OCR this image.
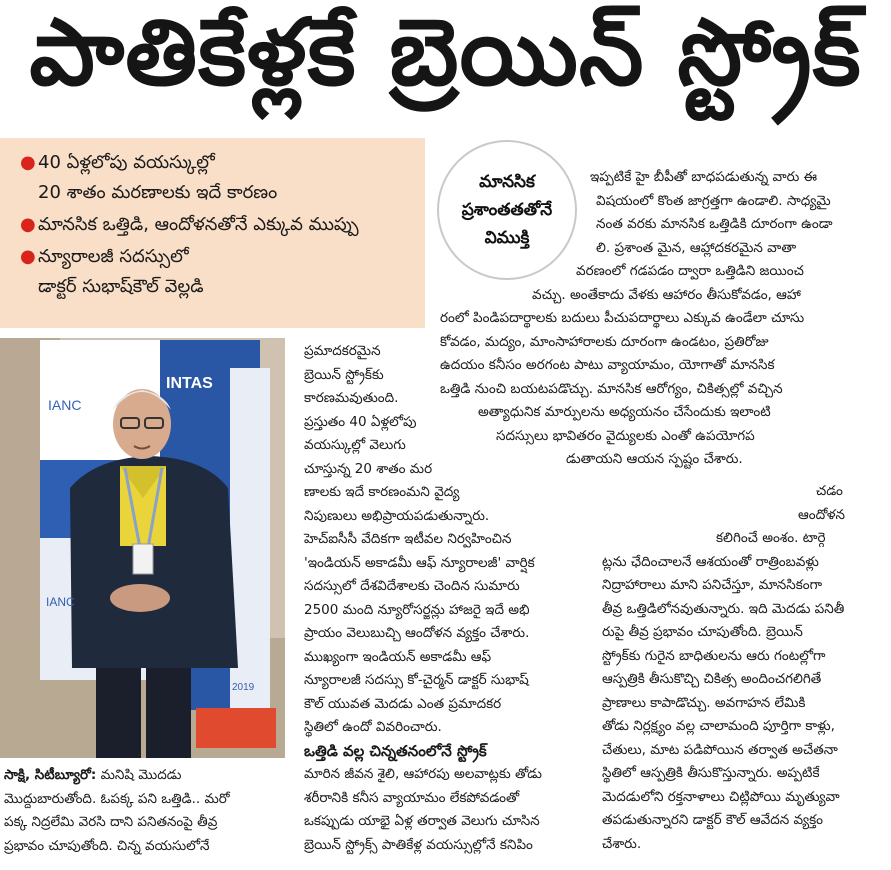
పాతికేళ్లకే బ్రెయిన్ స్ట్రోక్
● 40 ఏళ్లలోపు వయస్కుల్లో
20 శాతం మరణాలకు ఇదే కారణం
● మానసిక ఒత్తిడి, ఆందోళనతోనే ఎక్కువ ముప్పు
● న్యూరాలజీ సదస్సులో
డాక్టర్ సుభాష్‌కౌల్ వెల్లడి
మానసిక
ప్రశాంతతతోనే
విముక్తి
ఇప్పటికే హై బీపీతో బాధపడుతున్న వారు ఈ
విషయంలో కొంత జాగ్రత్తగా ఉండాలి. సాధ్యమై
నంత వరకు మానసిక ఒత్తిడికి దూరంగా ఉండా
లి. ప్రశాంత మైన, ఆహ్లాదకరమైన వాతా
వరణంలో గడపడం ద్వారా ఒత్తిడిని జయించ
వచ్చు. అంతేకాదు వేళకు ఆహారం తీసుకోవడం, ఆహా
రంలో పిండిపదార్థాలకు బదులు పీచుపదార్థాలు ఎక్కువ ఉండేలా చూసు
కోవడం, మద్యం, మాంసాహారాలకు దూరంగా ఉండటం, ప్రతిరోజు
ఉదయం కనీసం అరగంట పాటు వ్యాయామం, యోగాతో మానసిక
ఒత్తిడి నుంచి బయటపడొచ్చు. మానసిక ఆరోగ్యం, చికిత్సల్లో వచ్చిన
అత్యాధునిక మార్పులను అధ్యయనం చేసేందుకు ఇలాంటి
సదస్సులు భావితరం వైద్యులకు ఎంతో ఉపయోగప
డుతాయని ఆయన స్పష్టం చేశారు.
IANC
INTAS
IANC
2019
సాక్షి, సిటీబ్యూరో: మనిషి మొదడు
మొద్దుబారుతోంది. ఓపక్క పని ఒత్తిడి.. మరో
పక్క నిద్రలేమి వెరసి దాని పనితనంపై తీవ్ర
ప్రభావం చూపుతోంది. చిన్న వయసులోనే
ప్రమాదకరమైన
బ్రెయిన్ స్ట్రోక్‌కు
కారణమవుతుంది.
ప్రస్తుతం 40 ఏళ్లలోపు
వయస్కుల్లో వెలుగు
చూస్తున్న 20 శాతం మర
ణాలకు ఇదే కారణంమని వైద్య
నిపుణులు అభిప్రాయపడుతున్నారు.
హెచ్‌ఐసీసీ వేదికగా ఇటీవల నిర్వహించిన
'ఇండియన్ అకాడమీ ఆఫ్ న్యూరాలజీ' వార్షిక
సదస్సులో దేశవిదేశాలకు చెందిన సుమారు
2500 మంది న్యూరోసర్జన్లు హాజరై ఇదే అభి
ప్రాయం వెలుబుచ్చి ఆందోళన వ్యక్తం చేశారు.
ముఖ్యంగా ఇండియన్ అకాడమీ ఆఫ్
న్యూరాలజీ సదస్సు కో-చైర్మన్ డాక్టర్ సుభాష్
కౌల్ యువత మెదడు ఎంత ప్రమాదకర
స్థితిలో ఉందో వివరించారు.
ఒత్తిడి వల్ల చిన్నతనంలోనే స్ట్రోక్
మారిన జీవన శైలి, ఆహారపు అలవాట్లకు తోడు
శరీరానికి కనీస వ్యాయామం లేకపోవడంతో
ఒకప్పుడు యాభై ఏళ్ల తర్వాత వెలుగు చూసిన
బ్రెయిన్ స్ట్రోక్స్ పాతికేళ్ల వయస్సుల్లోనే కనిపిం
చడం
ఆందోళన
కలిగించే అంశం. టార్గె
ట్లను ఛేదించాలనే ఆశయంతో రాత్రింబవళ్లు
నిద్రాహారాలు మాని పనిచేస్తూ, మానసికంగా
తీవ్ర ఒత్తిడిలోనవుతున్నారు. ఇది మెదడు పనితీ
రుపై తీవ్ర ప్రభావం చూపుతోంది. బ్రెయిన్
స్ట్రోక్‌కు గురైన బాధితులను ఆరు గంటల్లోగా
ఆస్పత్రికి తీసుకొచ్చి చికిత్స అందించగలిగితే
ప్రాణాలు కాపాడొచ్చు. అవగాహన లేమికి
తోడు నిర్లక్ష్యం వల్ల చాలామంది పూర్తిగా కాళ్లు,
చేతులు, మాట పడిపోయిన తర్వాత అచేతనా
స్థితిలో ఆస్పత్రికి తీసుకొస్తున్నారు. అప్పటికే
మెదడులోని రక్తనాళాలు చిట్లిపోయి మృత్యువా
తపడుతున్నారని డాక్టర్ కౌల్ ఆవేదన వ్యక్తం
చేశారు.
